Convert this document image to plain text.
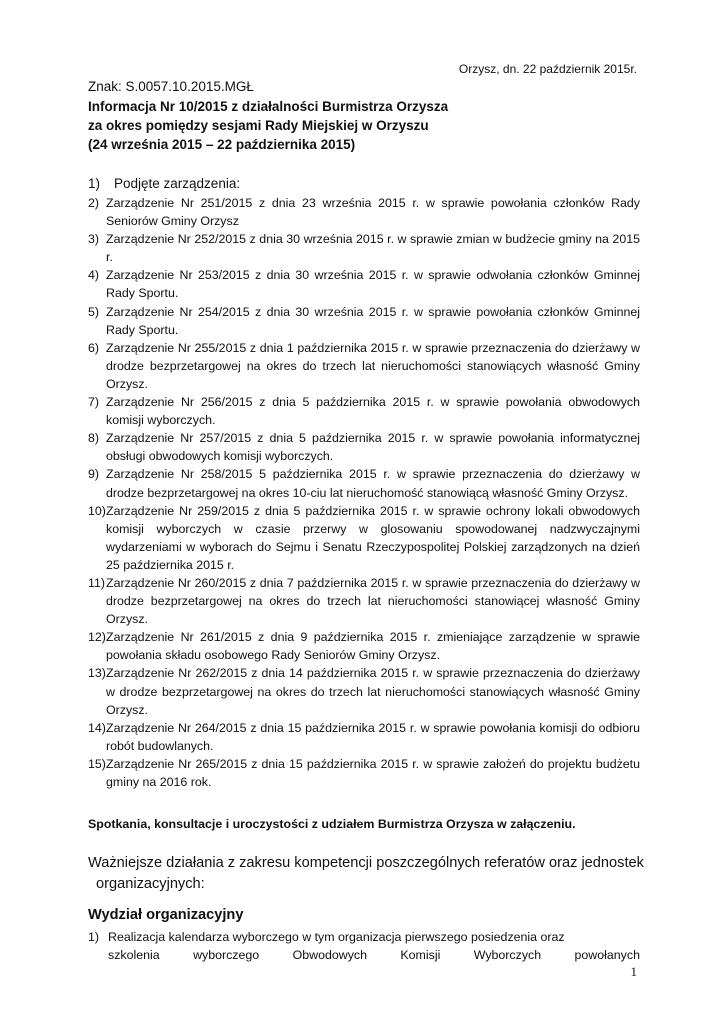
Orzysz, dn. 22 październik 2015r.
Znak: S.0057.10.2015.MGŁ
Informacja Nr 10/2015 z działalności Burmistrza Orzysza
za okres pomiędzy sesjami Rady Miejskiej w Orzyszu
(24 września 2015 – 22 października 2015)
1) Podjęte zarządzenia:
2) Zarządzenie Nr 251/2015 z dnia 23 września 2015 r. w sprawie powołania członków Rady Seniorów Gminy Orzysz
3) Zarządzenie Nr 252/2015 z dnia 30 września 2015 r. w sprawie zmian w budżecie gminy na 2015 r.
4) Zarządzenie Nr 253/2015 z dnia 30 września 2015 r. w sprawie odwołania członków Gminnej Rady Sportu.
5) Zarządzenie Nr 254/2015 z dnia 30 września 2015 r. w sprawie powołania członków Gminnej Rady Sportu.
6) Zarządzenie Nr 255/2015 z dnia 1 października 2015 r. w sprawie przeznaczenia do dzierżawy w drodze bezprzetargowej na okres do trzech lat nieruchomości stanowiących własność Gminy Orzysz.
7) Zarządzenie Nr 256/2015 z dnia 5 października 2015 r. w sprawie powołania obwodowych komisji wyborczych.
8) Zarządzenie Nr 257/2015 z dnia 5 października 2015 r. w sprawie powołania informatycznej obsługi obwodowych komisji wyborczych.
9) Zarządzenie Nr 258/2015 5 października 2015 r. w sprawie przeznaczenia do dzierżawy w drodze bezprzetargowej na okres 10-ciu lat nieruchomość stanowiącą własność Gminy Orzysz.
10) Zarządzenie Nr 259/2015 z dnia 5 października 2015 r. w sprawie ochrony lokali obwodowych komisji wyborczych w czasie przerwy w glosowaniu spowodowanej nadzwyczajnymi wydarzeniami w wyborach do Sejmu i Senatu Rzeczypospolitej Polskiej zarządzonych na dzień 25 października 2015 r.
11) Zarządzenie Nr 260/2015 z dnia 7 października 2015 r. w sprawie przeznaczenia do dzierżawy w drodze bezprzetargowej na okres do trzech lat nieruchomości stanowiącej własność Gminy Orzysz.
12) Zarządzenie Nr 261/2015 z dnia 9 października 2015 r. zmieniające zarządzenie w sprawie powołania składu osobowego Rady Seniorów Gminy Orzysz.
13) Zarządzenie Nr 262/2015 z dnia 14 października 2015 r. w sprawie przeznaczenia do dzierżawy w drodze bezprzetargowej na okres do trzech lat nieruchomości stanowiących własność Gminy Orzysz.
14) Zarządzenie Nr 264/2015 z dnia 15 października 2015 r. w sprawie powołania komisji do odbioru robót budowlanych.
15) Zarządzenie Nr 265/2015 z dnia 15 października 2015 r. w sprawie założeń do projektu budżetu gminy na 2016 rok.
Spotkania, konsultacje i uroczystości z udziałem Burmistrza Orzysza w załączeniu.
Ważniejsze działania z zakresu kompetencji poszczególnych referatów oraz jednostek
organizacyjnych:
Wydział organizacyjny
1) Realizacja kalendarza wyborczego w tym organizacja pierwszego posiedzenia oraz
szkolenia	wyborczego	Obwodowych	Komisji	Wyborczych	powołanych
1
